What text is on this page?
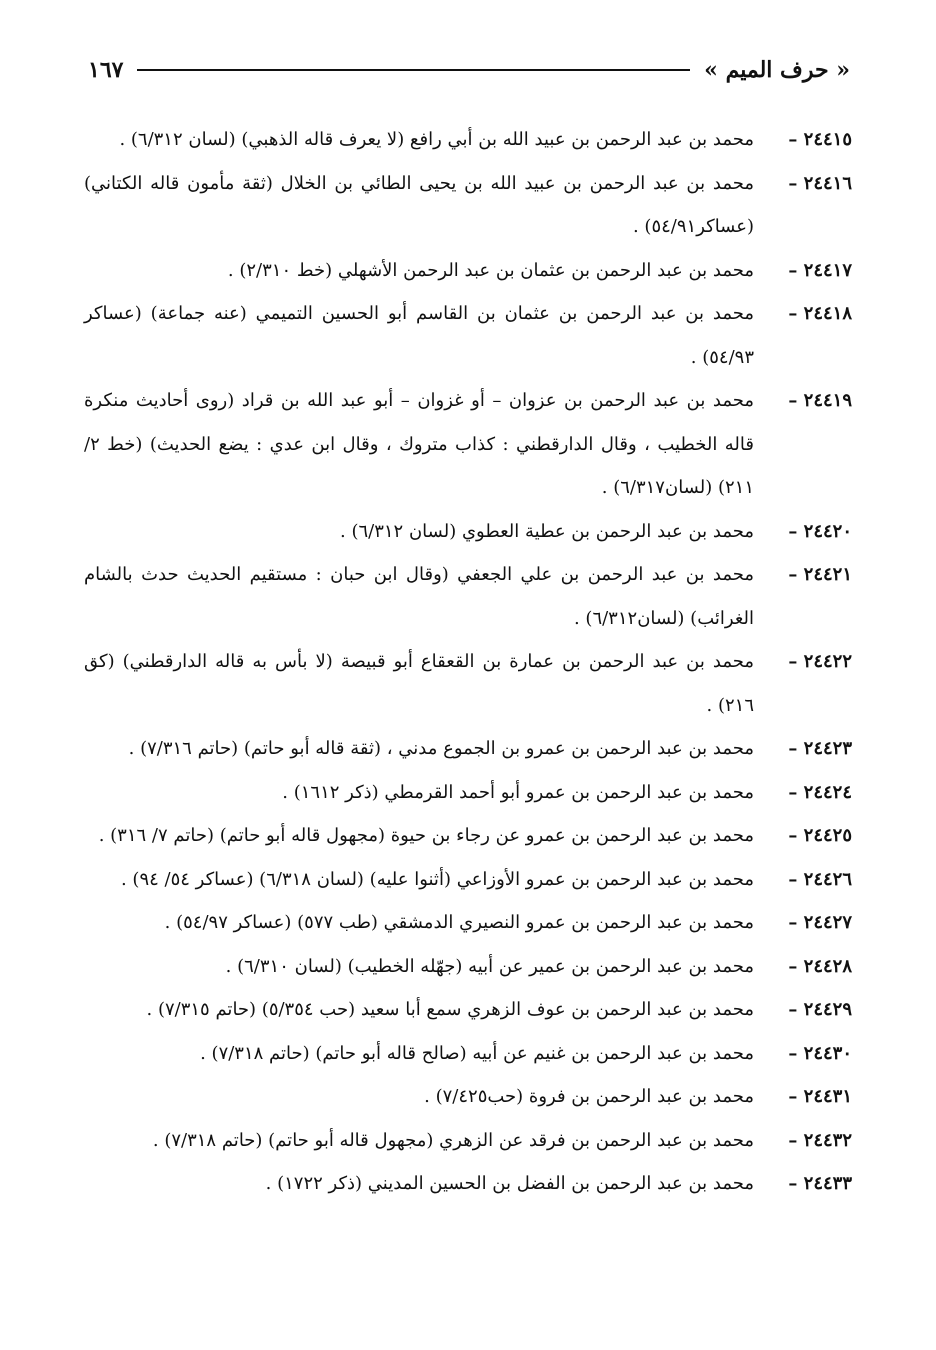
« حرف الميم »
١٦٧
٢٤٤١٥ –
محمد بن عبد الرحمن بن عبيد الله بن أبي رافع (لا يعرف قاله الذهبي) (لسان ٦/٣١٢) .
٢٤٤١٦ –
محمد بن عبد الرحمن بن عبيد الله بن يحيى الطائي بن الخلال (ثقة مأمون قاله الكتاني) (عساكر٥٤/٩١) .
٢٤٤١٧ –
محمد بن عبد الرحمن بن عثمان بن عبد الرحمن الأشهلي (خط ٢/٣١٠) .
٢٤٤١٨ –
محمد بن عبد الرحمن بن عثمان بن القاسم أبو الحسين التميمي (عنه جماعة) (عساكر ٥٤/٩٣) .
٢٤٤١٩ –
محمد بن عبد الرحمن بن عزوان – أو غزوان – أبو عبد الله بن قراد (روى أحاديث منكرة قاله الخطيب ، وقال الدارقطني : كذاب متروك ، وقال ابن عدي : يضع الحديث) (خط ٢/ ٢١١) (لسان٦/٣١٧) .
٢٤٤٢٠ –
محمد بن عبد الرحمن بن عطية العطوي (لسان ٦/٣١٢) .
٢٤٤٢١ –
محمد بن عبد الرحمن بن علي الجعفي (وقال ابن حبان : مستقيم الحديث حدث بالشام الغرائب) (لسان٦/٣١٢) .
٢٤٤٢٢ –
محمد بن عبد الرحمن بن عمارة بن القعقاع أبو قبيصة (لا بأس به قاله الدارقطني) (كق ٢١٦) .
٢٤٤٢٣ –
محمد بن عبد الرحمن بن عمرو بن الجموع مدني ، (ثقة قاله أبو حاتم) (حاتم ٧/٣١٦) .
٢٤٤٢٤ –
محمد بن عبد الرحمن بن عمرو أبو أحمد القرمطي (ذكر ١٦١٢) .
٢٤٤٢٥ –
محمد بن عبد الرحمن بن عمرو عن رجاء بن حيوة (مجهول قاله أبو حاتم) (حاتم ٧/ ٣١٦) .
٢٤٤٢٦ –
محمد بن عبد الرحمن بن عمرو الأوزاعي (أثنوا عليه) (لسان ٦/٣١٨) (عساكر ٥٤/ ٩٤) .
٢٤٤٢٧ –
محمد بن عبد الرحمن بن عمرو النصيري الدمشقي (طب ٥٧٧) (عساكر ٥٤/٩٧) .
٢٤٤٢٨ –
محمد بن عبد الرحمن بن عمير عن أبيه (جهّله الخطيب) (لسان ٦/٣١٠) .
٢٤٤٢٩ –
محمد بن عبد الرحمن بن عوف الزهري سمع أبا سعيد (حب ٥/٣٥٤) (حاتم ٧/٣١٥) .
٢٤٤٣٠ –
محمد بن عبد الرحمن بن غنيم عن أبيه (صالح قاله أبو حاتم) (حاتم ٧/٣١٨) .
٢٤٤٣١ –
محمد بن عبد الرحمن بن فروة (حب٧/٤٢٥) .
٢٤٤٣٢ –
محمد بن عبد الرحمن بن فرقد عن الزهري (مجهول قاله أبو حاتم) (حاتم ٧/٣١٨) .
٢٤٤٣٣ –
محمد بن عبد الرحمن بن الفضل بن الحسين المديني (ذكر ١٧٢٢) .
